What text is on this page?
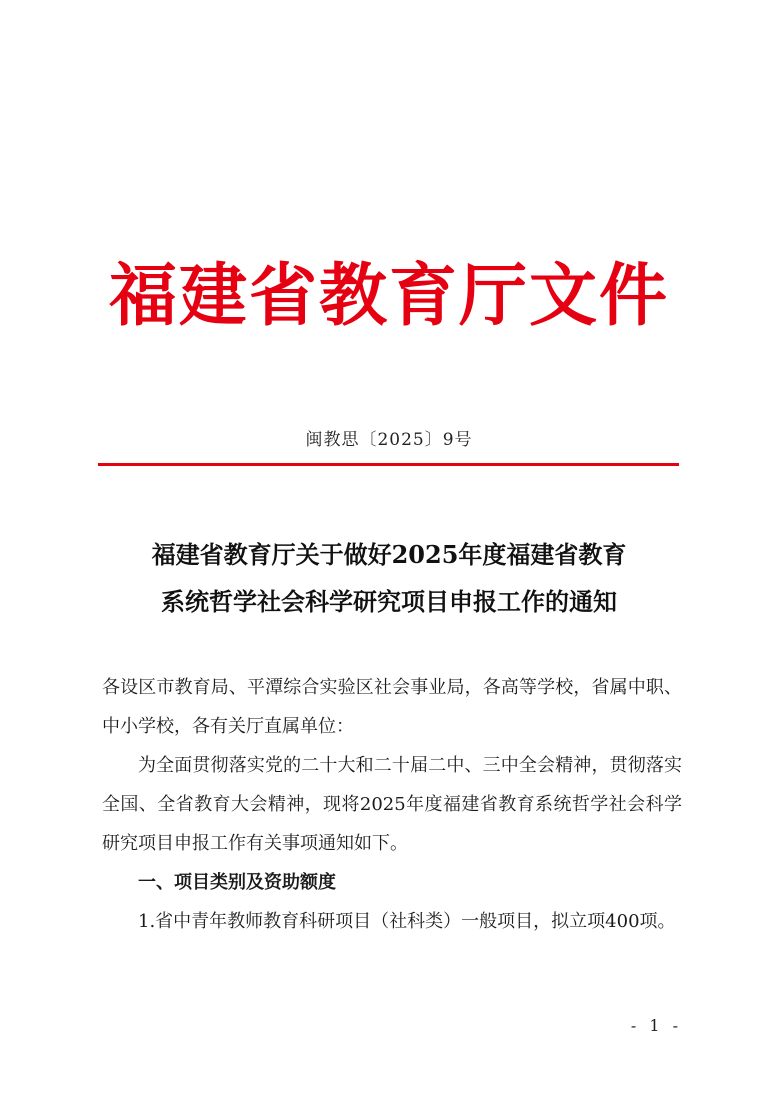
福建省教育厅文件
闽教思〔2025〕9号
福建省教育厅关于做好2025年度福建省教育
系统哲学社会科学研究项目申报工作的通知

各设区市教育局、平潭综合实验区社会事业局，各高等学校，省属中职、中小学校，各有关厅直属单位：

为全面贯彻落实党的二十大和二十届二中、三中全会精神，贯彻落实全国、全省教育大会精神，现将2025年度福建省教育系统哲学社会科学研究项目申报工作有关事项通知如下。

一、项目类别及资助额度

1.省中青年教师教育科研项目（社科类）一般项目，拟立项400项。

- 1 -
